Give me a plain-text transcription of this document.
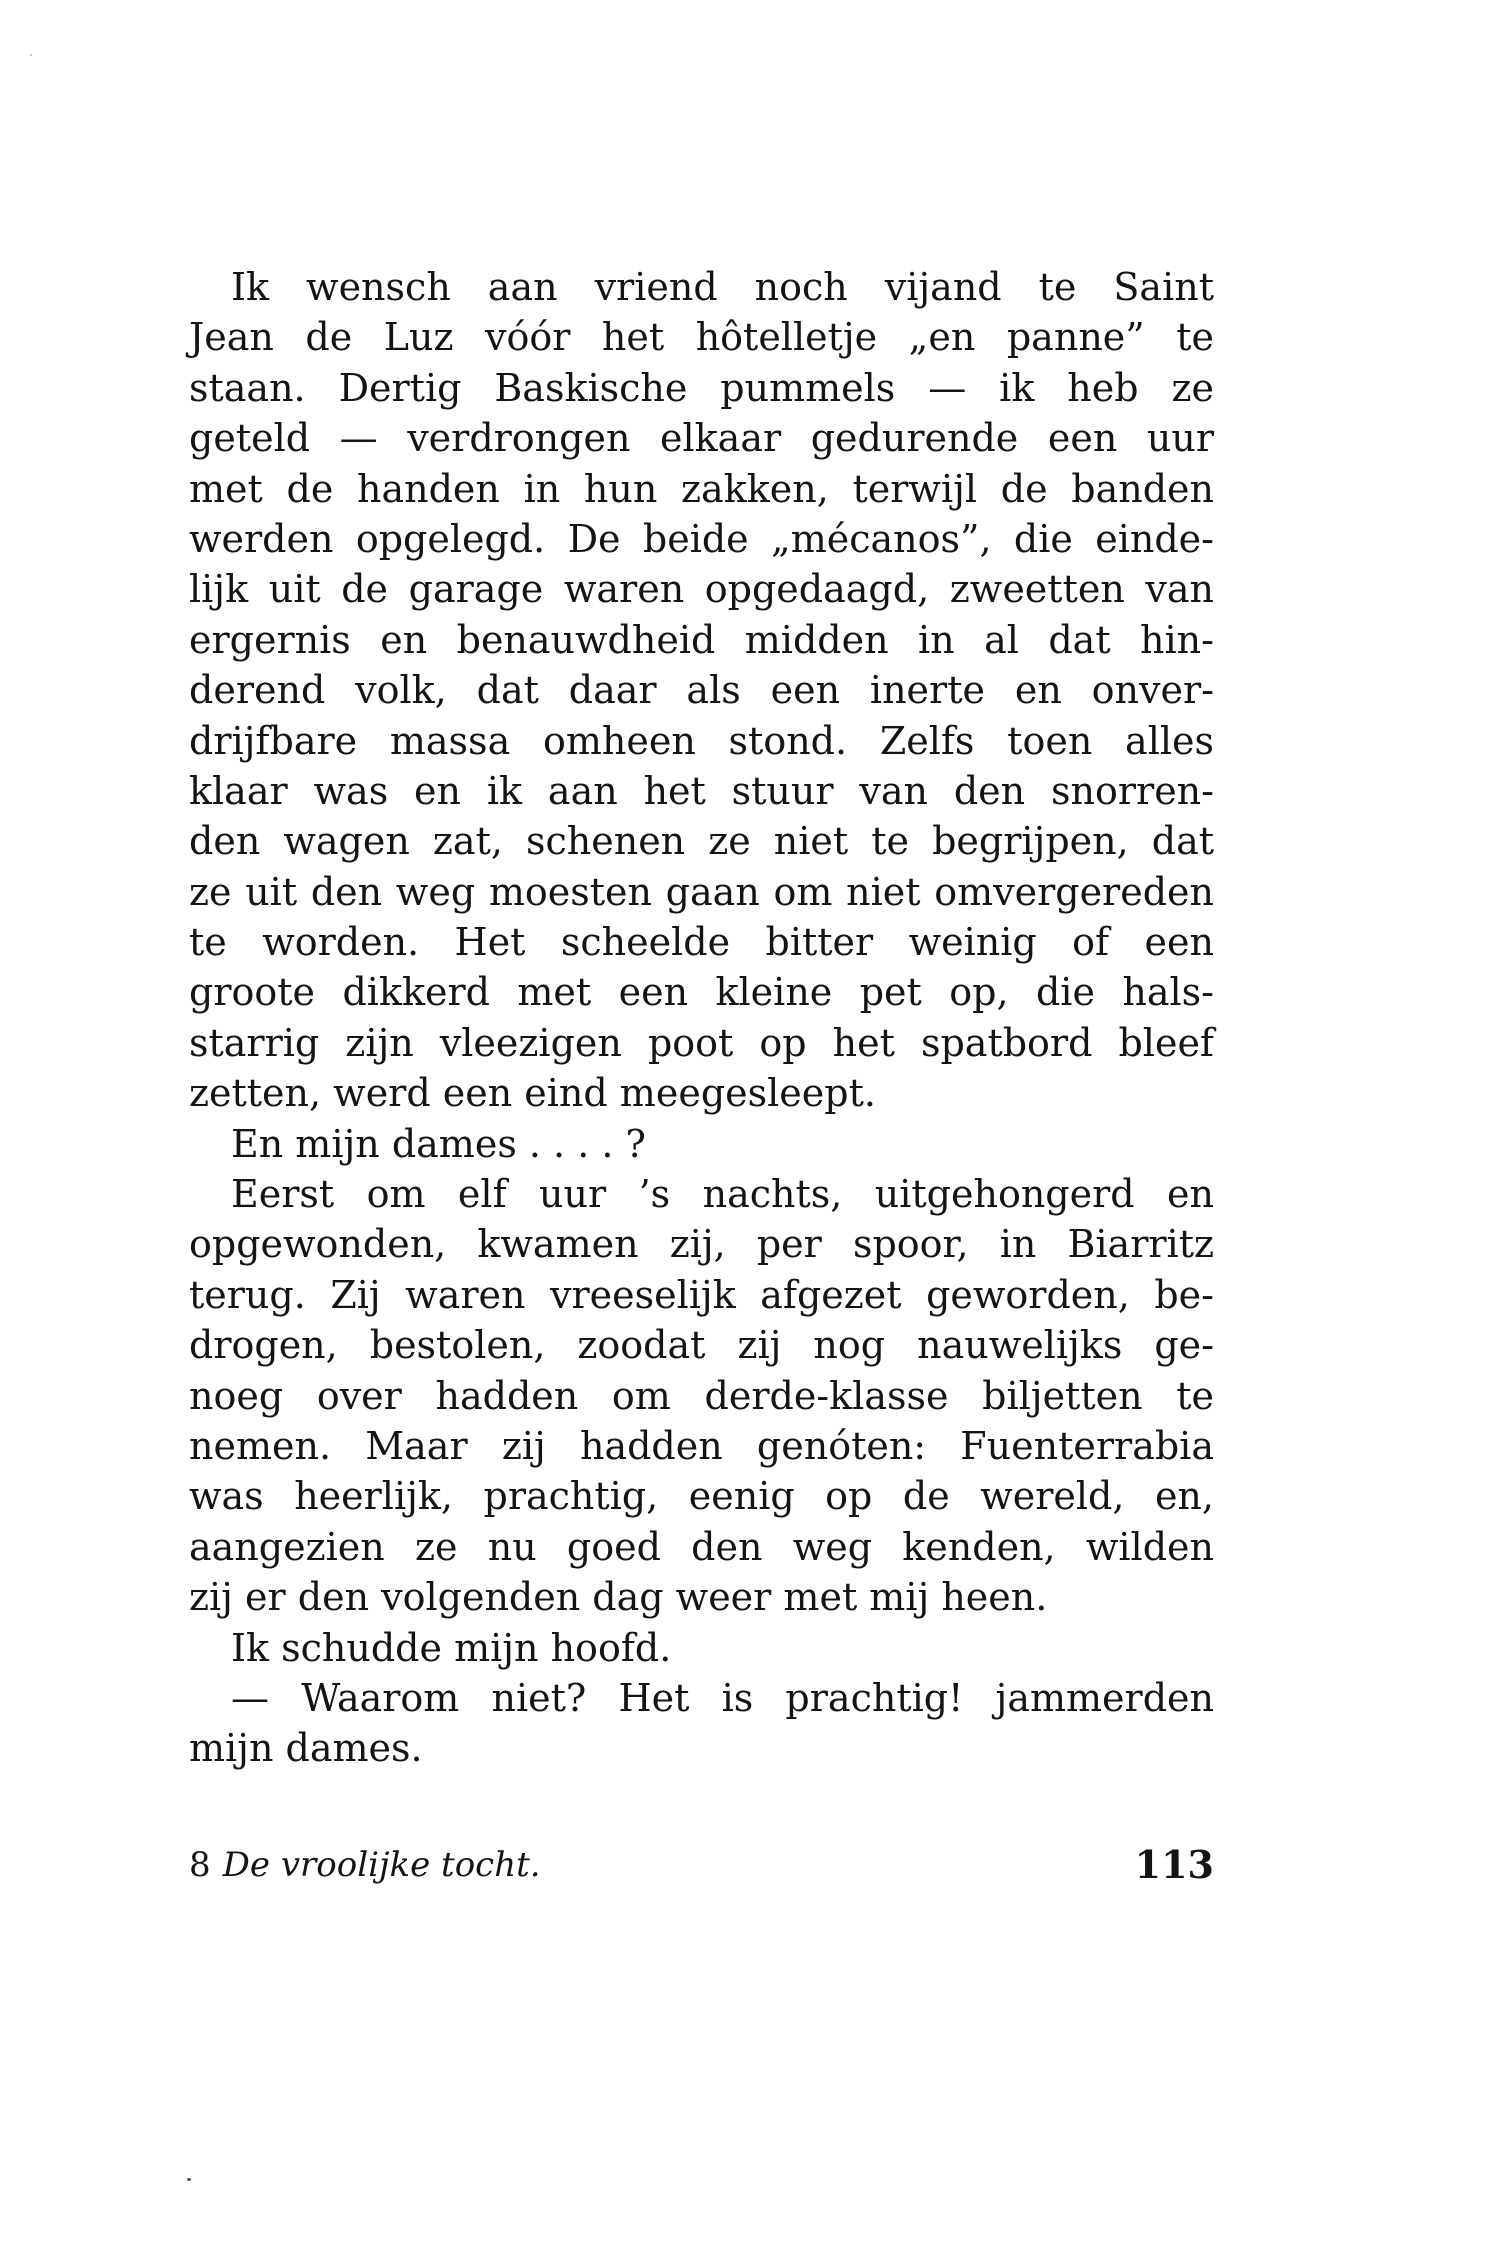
Ik wensch aan vriend noch vijand te Saint
Jean de Luz vóór het hôtelletje „en panne” te
staan. Dertig Baskische pummels — ik heb ze
geteld — verdrongen elkaar gedurende een uur
met de handen in hun zakken, terwijl de banden
werden opgelegd. De beide „mécanos”, die einde-
lijk uit de garage waren opgedaagd, zweetten van
ergernis en benauwdheid midden in al dat hin-
derend volk, dat daar als een inerte en onver-
drijfbare massa omheen stond. Zelfs toen alles
klaar was en ik aan het stuur van den snorren-
den wagen zat, schenen ze niet te begrijpen, dat
ze uit den weg moesten gaan om niet omvergereden
te worden. Het scheelde bitter weinig of een
groote dikkerd met een kleine pet op, die hals-
starrig zijn vleezigen poot op het spatbord bleef
zetten, werd een eind meegesleept.
En mijn dames . . . . ?
Eerst om elf uur ’s nachts, uitgehongerd en
opgewonden, kwamen zij, per spoor, in Biarritz
terug. Zij waren vreeselijk afgezet geworden, be-
drogen, bestolen, zoodat zij nog nauwelijks ge-
noeg over hadden om derde-klasse biljetten te
nemen. Maar zij hadden genóten: Fuenterrabia
was heerlijk, prachtig, eenig op de wereld, en,
aangezien ze nu goed den weg kenden, wilden
zij er den volgenden dag weer met mij heen.
Ik schudde mijn hoofd.
— Waarom niet? Het is prachtig! jammerden
mijn dames.
8 De vroolijke tocht.	113
